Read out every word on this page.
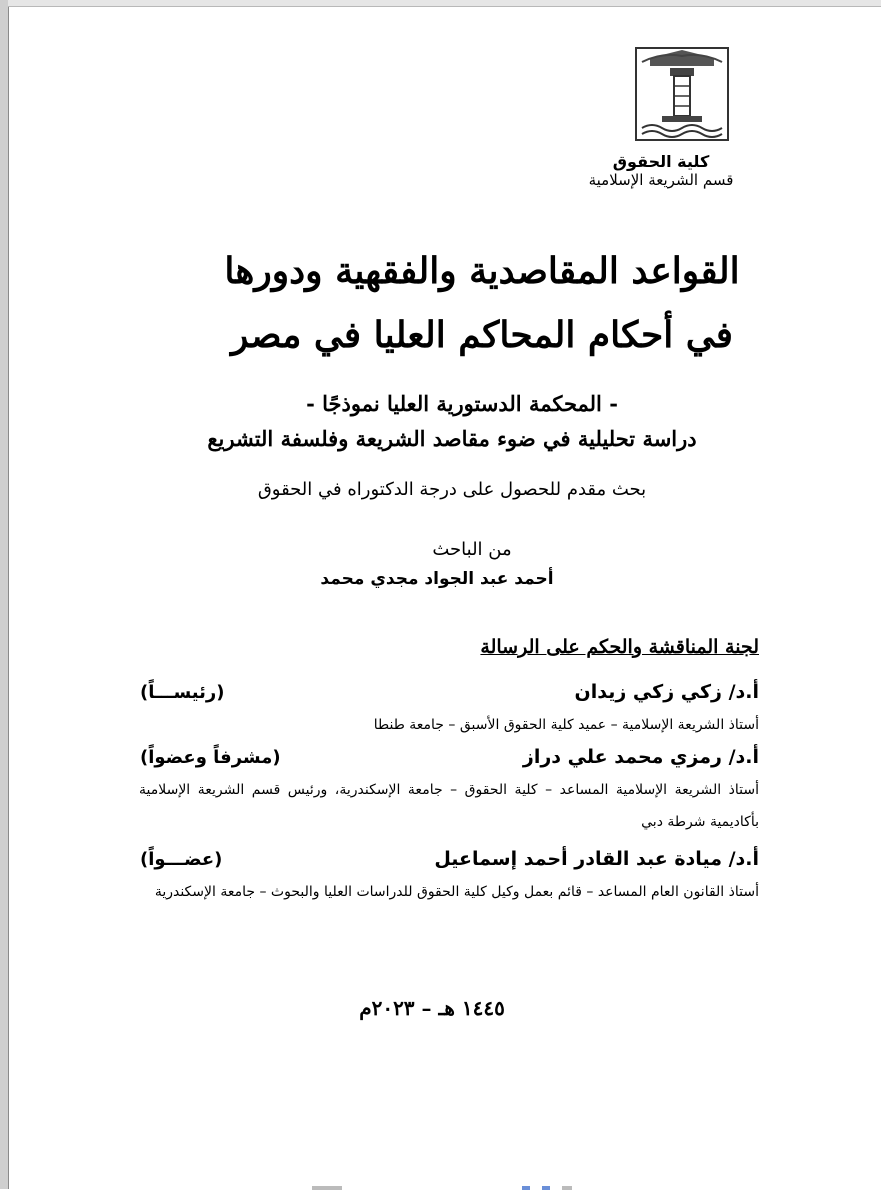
كلية الحقوق
قسم الشريعة الإسلامية
القواعد المقاصدية والفقهية ودورها
في أحكام المحاكم العليا في مصر
- المحكمة الدستورية العليا نموذجًا -
دراسة تحليلية في ضوء مقاصد الشريعة وفلسفة التشريع
بحث مقدم للحصول على درجة الدكتوراه في الحقوق
من الباحث
أحمد عبد الجواد مجدي محمد
لجنة المناقشة والحكم على الرسالة
أ.د/ زكي زكي زيدان
(رئيســـاً)
أستاذ الشريعة الإسلامية – عميد كلية الحقوق الأسبق – جامعة طنطا
أ.د/ رمزي محمد علي دراز
(مشرفاً وعضواً)
أستاذ الشريعة الإسلامية المساعد – كلية الحقوق – جامعة الإسكندرية، ورئيس قسم الشريعة الإسلامية بأكاديمية شرطة دبي
أ.د/ ميادة عبد القادر أحمد إسماعيل
(عضـــواً)
أستاذ القانون العام المساعد – قائم بعمل وكيل كلية الحقوق للدراسات العليا والبحوث – جامعة الإسكندرية
١٤٤٥ هـ – ٢٠٢٣م
